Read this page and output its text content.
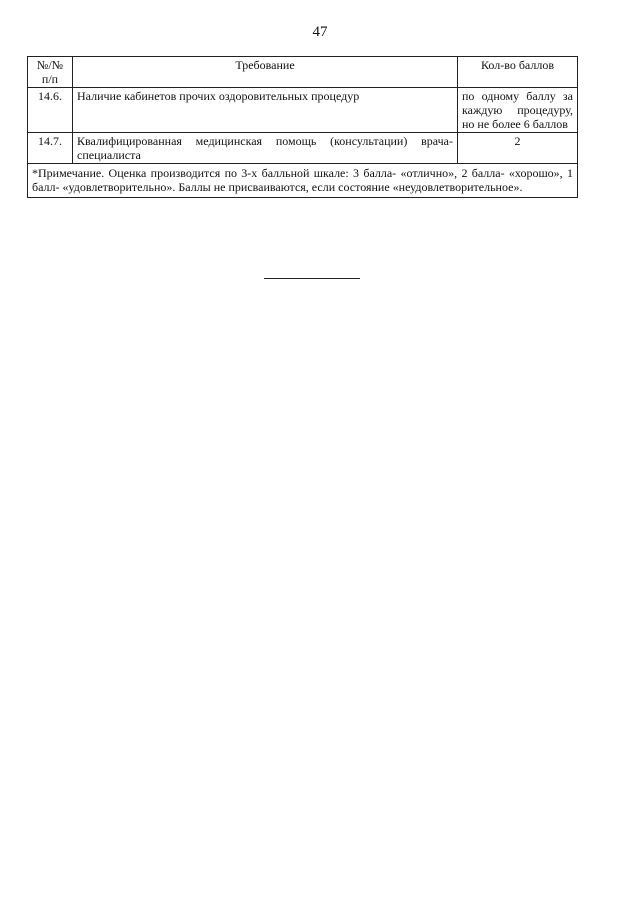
47
№/№ п/п	Требование	Кол-во баллов
14.6.	Наличие кабинетов прочих оздоровительных процедур	по одному баллу за каждую процедуру, но не более 6 баллов
14.7.	Квалифицированная медицинская помощь (консультации) врача-специалиста	2
*Примечание. Оценка производится по 3-х балльной шкале: 3 балла- «отлично», 2 балла- «хорошо», 1 балл- «удовлетворительно». Баллы не присваиваются, если состояние «неудовлетворительное».		
